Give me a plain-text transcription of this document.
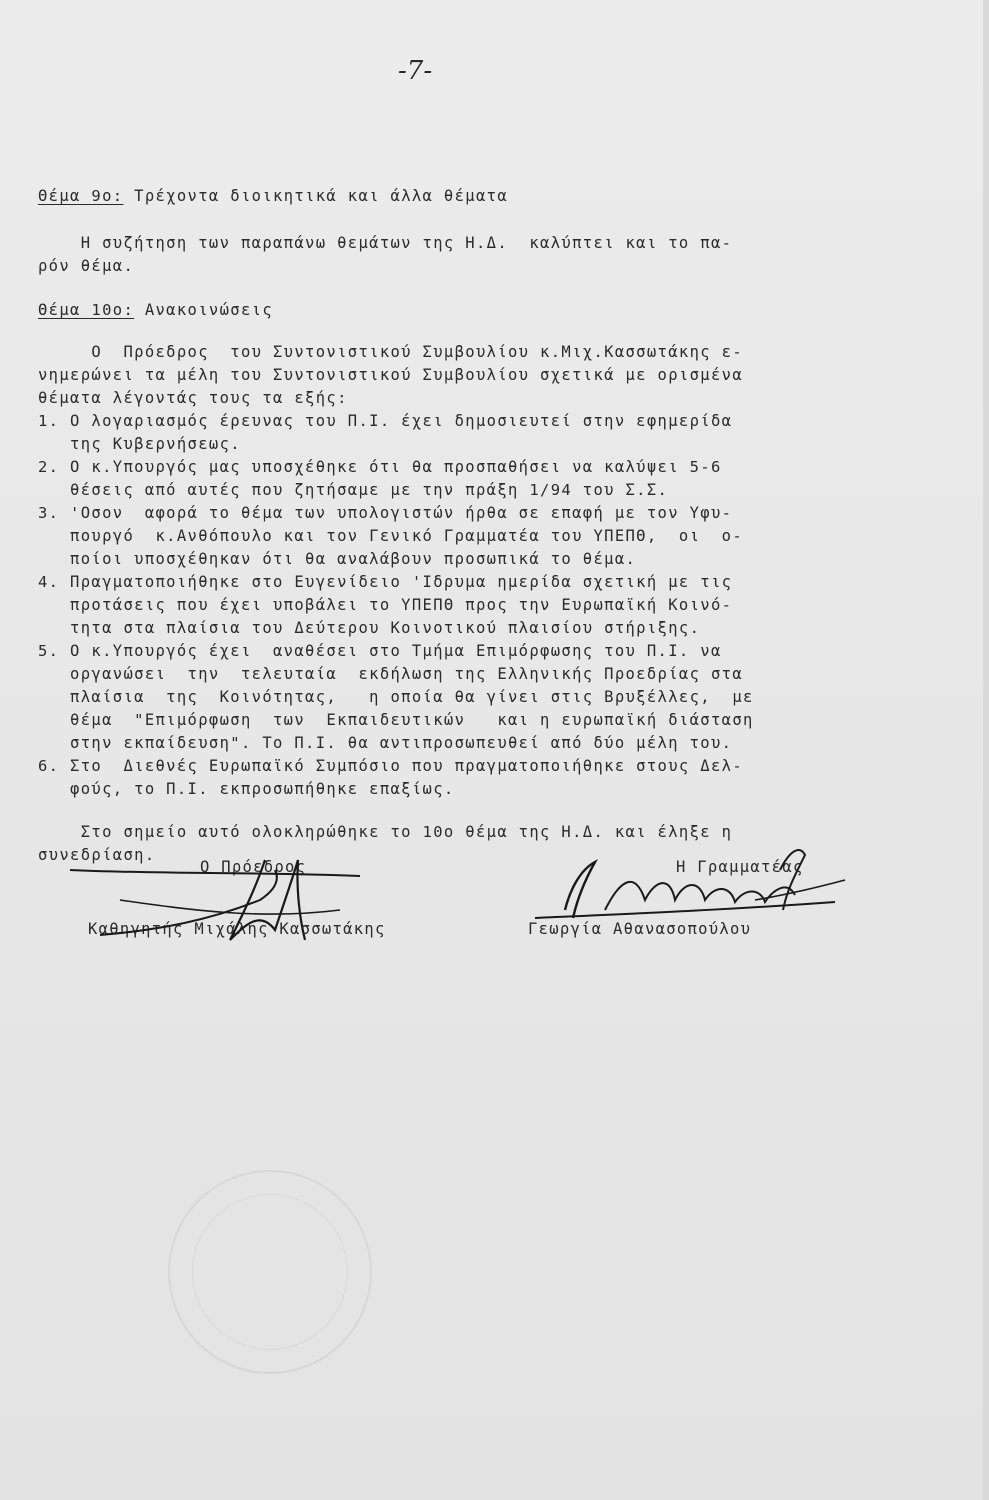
-7-
Θέμα 9ο: Τρέχοντα διοικητικά και άλλα θέματα
Η συζήτηση των παραπάνω θεμάτων της Η.Δ.  καλύπτει και το πα-
ρόν θέμα.
Θέμα 10ο: Ανακοινώσεις
Ο  Πρόεδρος  του Συντονιστικού Συμβουλίου κ.Μιχ.Κασσωτάκης ε-
νημερώνει τα μέλη του Συντονιστικού Συμβουλίου σχετικά με ορισμένα
θέματα λέγοντάς τους τα εξής:
1. Ο λογαριασμός έρευνας του Π.Ι. έχει δημοσιευτεί στην εφημερίδα
της Κυβερνήσεως.
2. Ο κ.Υπουργός μας υποσχέθηκε ότι θα προσπαθήσει να καλύψει 5-6
θέσεις από αυτές που ζητήσαμε με την πράξη 1/94 του Σ.Σ.
3. 'Οσον  αφορά το θέμα των υπολογιστών ήρθα σε επαφή με τον Υφυ-
πουργό  κ.Ανθόπουλο και τον Γενικό Γραμματέα του ΥΠΕΠΘ,  οι  ο-
ποίοι υποσχέθηκαν ότι θα αναλάβουν προσωπικά το θέμα.
4. Πραγματοποιήθηκε στο Ευγενίδειο 'Ιδρυμα ημερίδα σχετική με τις
προτάσεις που έχει υποβάλει το ΥΠΕΠΘ προς την Ευρωπαϊκή Κοινό-
τητα στα πλαίσια του Δεύτερου Κοινοτικού πλαισίου στήριξης.
5. Ο κ.Υπουργός έχει  αναθέσει στο Τμήμα Επιμόρφωσης του Π.Ι. να
οργανώσει  την  τελευταία  εκδήλωση της Ελληνικής Προεδρίας στα
πλαίσια  της  Κοινότητας,   η οποία θα γίνει στις Βρυξέλλες,  με
θέμα  "Επιμόρφωση  των  Εκπαιδευτικών   και η ευρωπαϊκή διάσταση
στην εκπαίδευση". Το Π.Ι. θα αντιπροσωπευθεί από δύο μέλη του.
6. Στο  Διεθνές Ευρωπαϊκό Συμπόσιο που πραγματοποιήθηκε στους Δελ-
φούς, το Π.Ι. εκπροσωπήθηκε επαξίως.
Στο σημείο αυτό ολοκληρώθηκε το 10ο θέμα της Η.Δ. και έληξε η
συνεδρίαση.
Ο Πρόεδρος
Καθηγητής Μιχάλης Κασσωτάκης
Η Γραμματέας
Γεωργία Αθανασοπούλου
